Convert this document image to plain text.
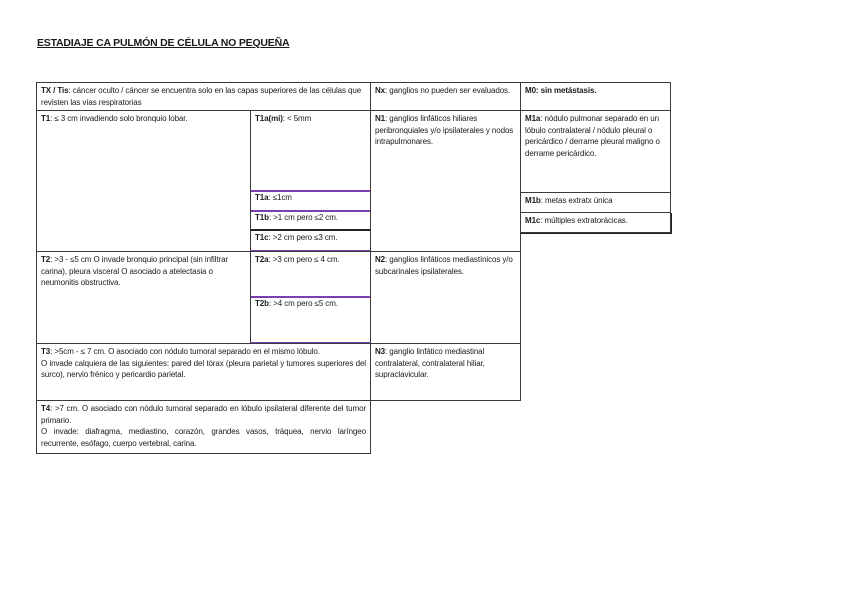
ESTADIAJE CA PULMÓN DE CÉLULA NO PEQUEÑA
TX / Tis: cáncer oculto / cáncer se encuentra solo en las capas superiores de las células que revisten las vías respiratorias
Nx: ganglios no pueden ser evaluados.	M0: sin metástasis.
T1: ≤ 3 cm invadiendo solo bronquio lobar.	T1a(mi): < 5mm
T1a: ≤1cm
T1b: >1 cm pero ≤2 cm.
T1c: >2 cm pero ≤3 cm.
N1: ganglios linfáticos hiliares peribronquiales y/o ipsilaterales y nodos intrapulmonares.
M1a: nódulo pulmonar separado en un lóbulo contralateral / nódulo pleural o pericárdico / derrame pleural maligno o derrame pericárdico.
M1b: metas extratx única
M1c: múltiples extratorácicas.
T2: >3 - ≤5 cm O invade bronquio principal (sin infiltrar carina), pleura visceral O asociado a atelectasia o neumonitis obstructiva.
T2a: >3 cm pero ≤ 4 cm.
T2b: >4 cm pero ≤5 cm.
N2: ganglios linfáticos mediastínicos y/o subcarinales ipsilaterales.
T3: >5cm - ≤ 7 cm. O asociado con nódulo tumoral separado en el mismo lóbulo.
O invade calquiera de las siguientes: pared del tórax (pleura parietal y tumores superiores del surco), nervio frénico y pericardio parietal.
N3: ganglio linfático mediastinal contralateral, contralateral hiliar, supraclavicular.
T4: >7 cm. O asociado con nódulo tumoral separado en lóbulo ipsilateral diferente del tumor primario.
O invade: diafragma, mediastino, corazón, grandes vasos, tráquea, nervio laríngeo recurrente, esófago, cuerpo vertebral, carina.
